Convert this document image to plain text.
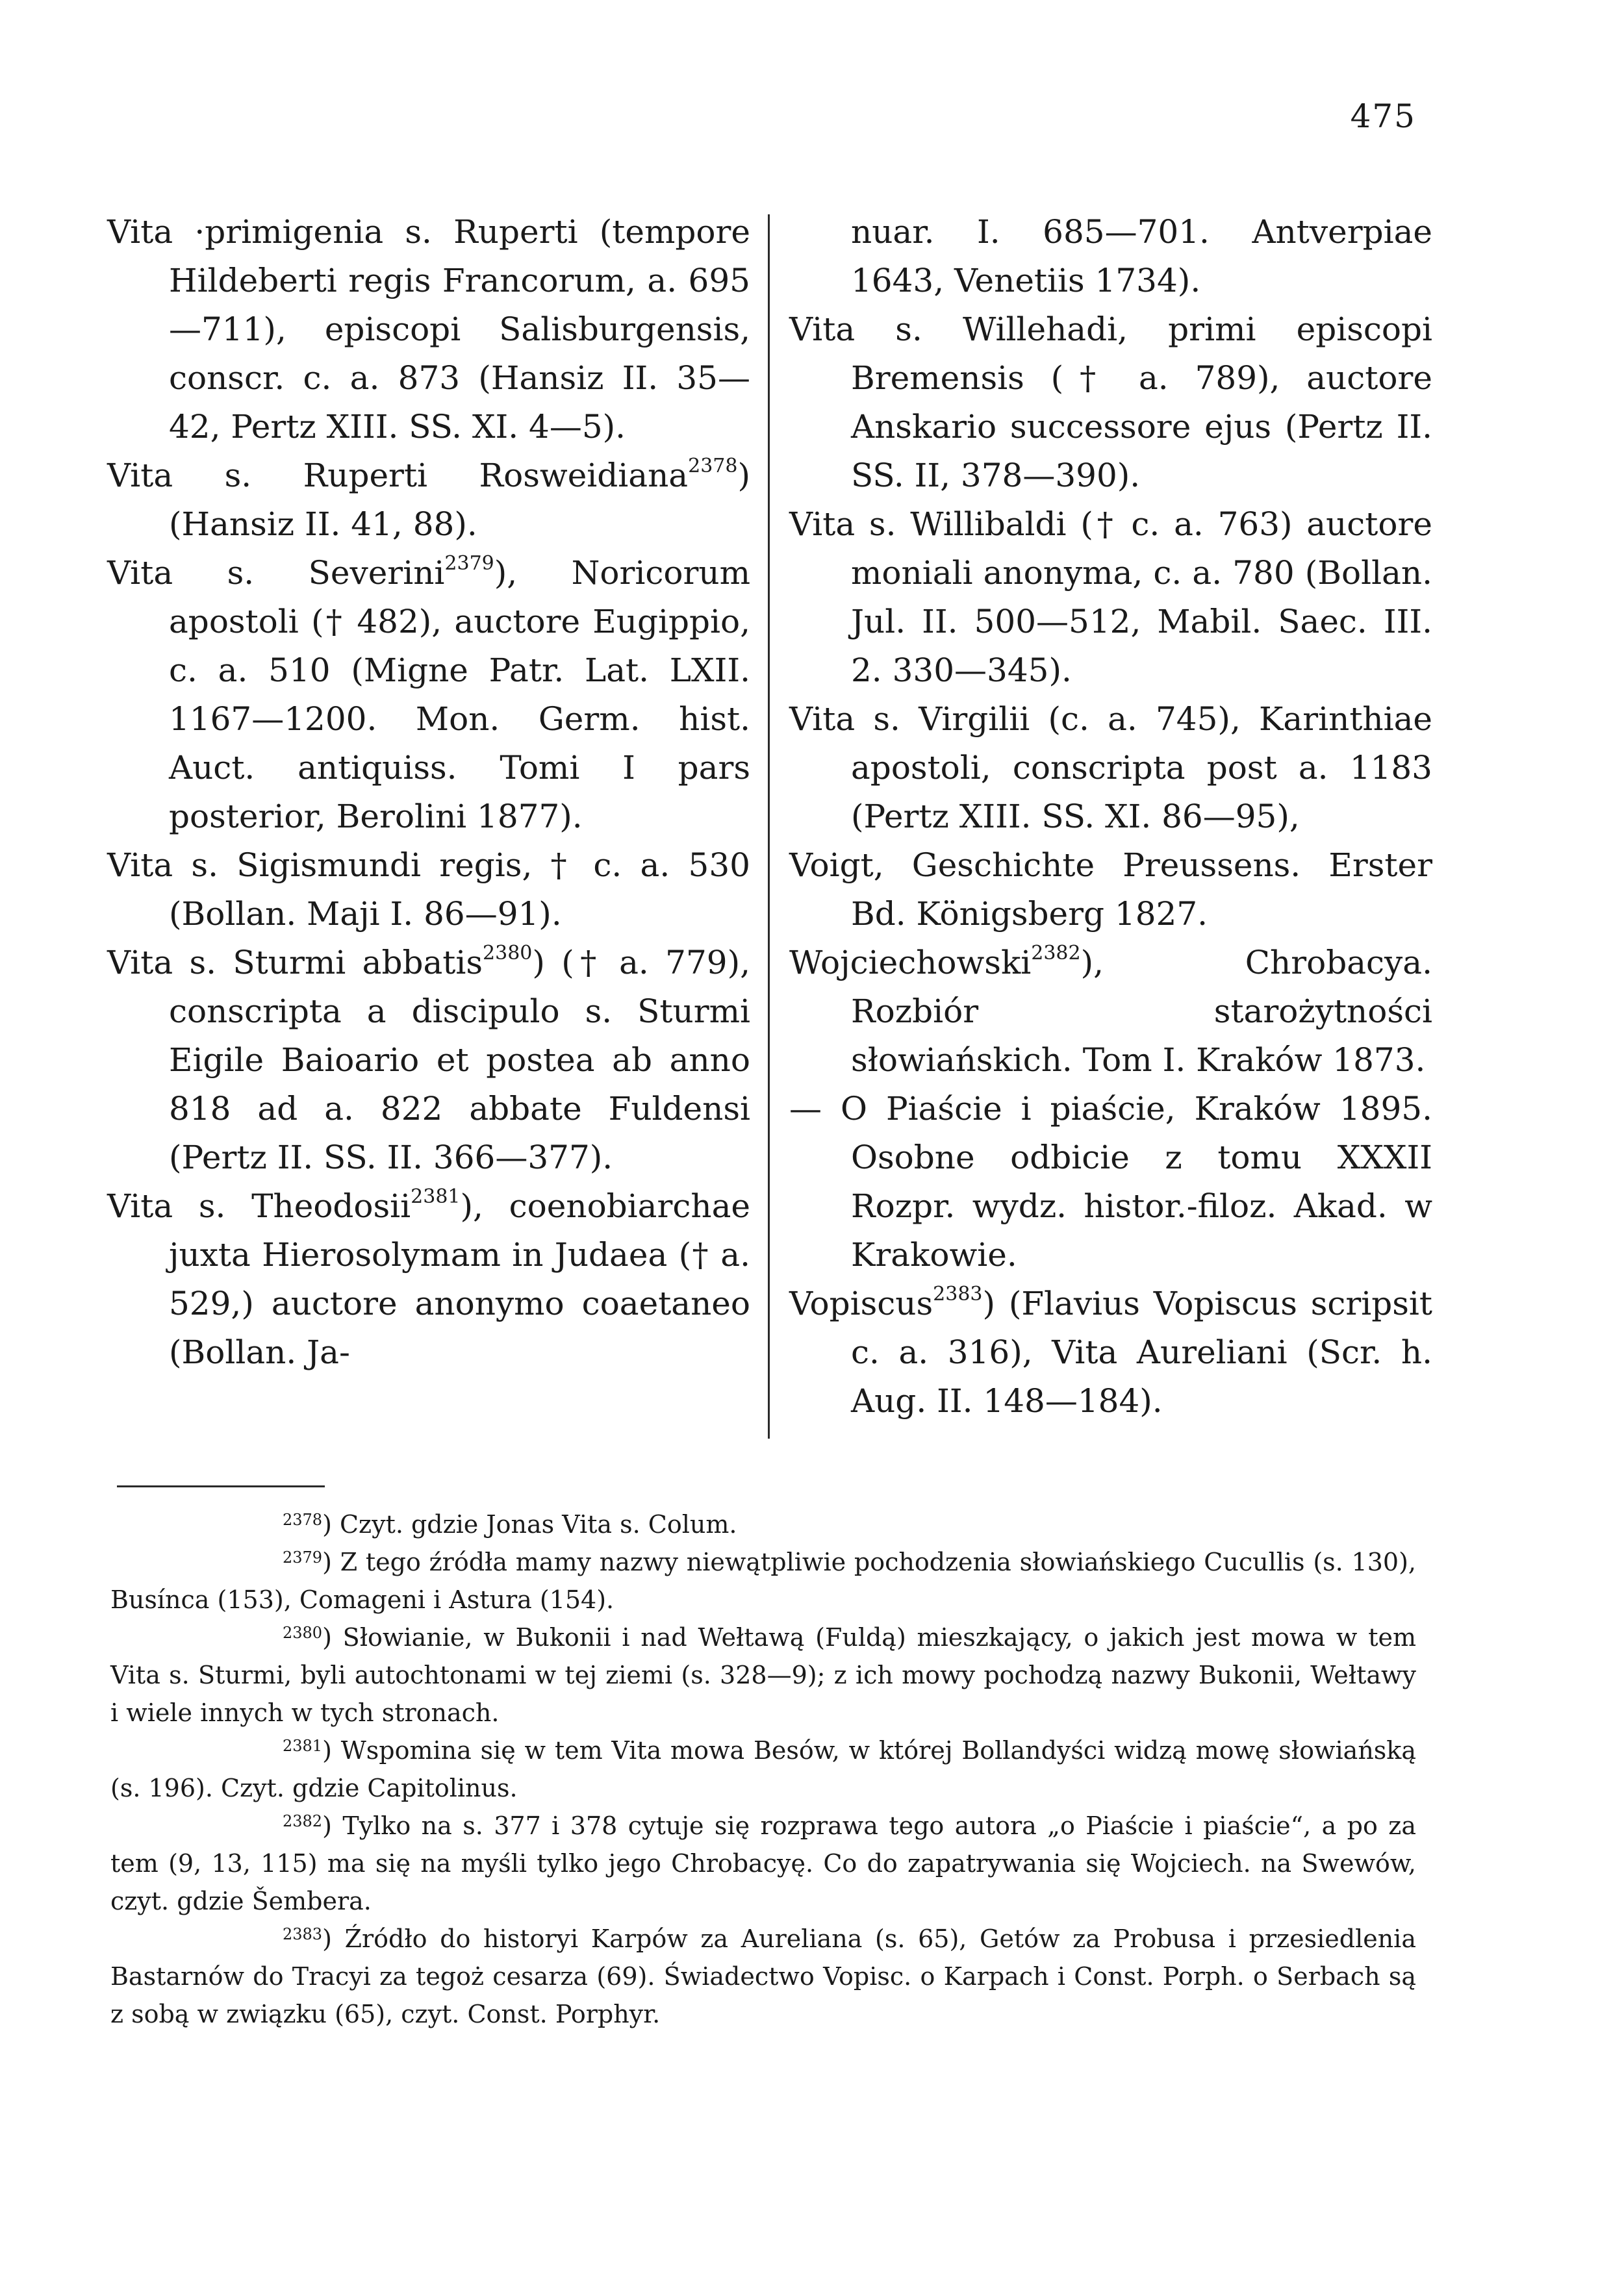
475

Vita ·primigenia s. Ruperti (tempore Hildeberti regis Francorum, a. 695—711), episcopi Salisburgensis, conscr. c. a. 873 (Hansiz II. 35—42, Pertz XIII. SS. XI. 4—5).

Vita s. Ruperti Rosweidiana$^{2378}$) (Hansiz II. 41, 88).

Vita s. Severini$^{2379}$), Noricorum apostoli († 482), auctore Eugippio, c. a. 510 (Migne Patr. Lat. LXII. 1167—1200. Mon. Germ. hist. Auct. antiquiss. Tomi I pars posterior, Berolini 1877).

Vita s. Sigismundi regis, † c. a. 530 (Bollan. Maji I. 86—91).

Vita s. Sturmi abbatis$^{2380}$) († a. 779), conscripta a discipulo s. Sturmi Eigile Baioario et postea ab anno 818 ad a. 822 abbate Fuldensi (Pertz II. SS. II. 366—377).

Vita s. Theodosii$^{2381}$), coenobiarchae juxta Hierosolymam in Judaea († a. 529,) auctore anonymo coaetaneo (Bollan. Ja-

nuar. I. 685—701. Antverpiae 1643, Venetiis 1734).

Vita s. Willehadi, primi episcopi Bremensis († a. 789), auctore Anskario successore ejus (Pertz II. SS. II, 378—390).

Vita s. Willibaldi († c. a. 763) auctore moniali anonyma, c. a. 780 (Bollan. Jul. II. 500—512, Mabil. Saec. III. 2. 330—345).

Vita s. Virgilii (c. a. 745), Karinthiae apostoli, conscripta post a. 1183 (Pertz XIII. SS. XI. 86—95),

Voigt, Geschichte Preussens. Erster Bd. Königsberg 1827.

Wojciechowski$^{2382}$), Chrobacya. Rozbiór starożytności słowiańskich. Tom I. Kraków 1873.

— O Piaście i piaście, Kraków 1895. Osobne odbicie z tomu XXXII Rozpr. wydz. histor.-filoz. Akad. w Krakowie.

Vopiscus$^{2383}$) (Flavius Vopiscus scripsit c. a. 316), Vita Aureliani (Scr. h. Aug. II. 148—184).

$^{2378}$) Czyt. gdzie Jonas Vita s. Colum.

$^{2379}$) Z tego źródła mamy nazwy niewątpliwie pochodzenia słowiańskiego Cucullis (s. 130), Busínca (153), Comageni i Astura (154).

$^{2380}$) Słowianie, w Bukonii i nad Wełtawą (Fuldą) mieszkający, o jakich jest mowa w tem Vita s. Sturmi, byli autochtonami w tej ziemi (s. 328—9); z ich mowy pochodzą nazwy Bukonii, Wełtawy i wiele innych w tych stronach.

$^{2381}$) Wspomina się w tem Vita mowa Besów, w której Bollandyści widzą mowę słowiańską (s. 196). Czyt. gdzie Capitolinus.

$^{2382}$) Tylko na s. 377 i 378 cytuje się rozprawa tego autora „o Piaście i piaście“, a po za tem (9, 13, 115) ma się na myśli tylko jego Chrobacyę. Co do zapatrywania się Wojciech. na Swewów, czyt. gdzie Šembera.

$^{2383}$) Źródło do historyi Karpów za Aureliana (s. 65), Getów za Probusa i przesiedlenia Bastarnów do Tracyi za tegoż cesarza (69). Świadectwo Vopisc. o Karpach i Const. Porph. o Serbach są z sobą w związku (65), czyt. Const. Porphyr.
